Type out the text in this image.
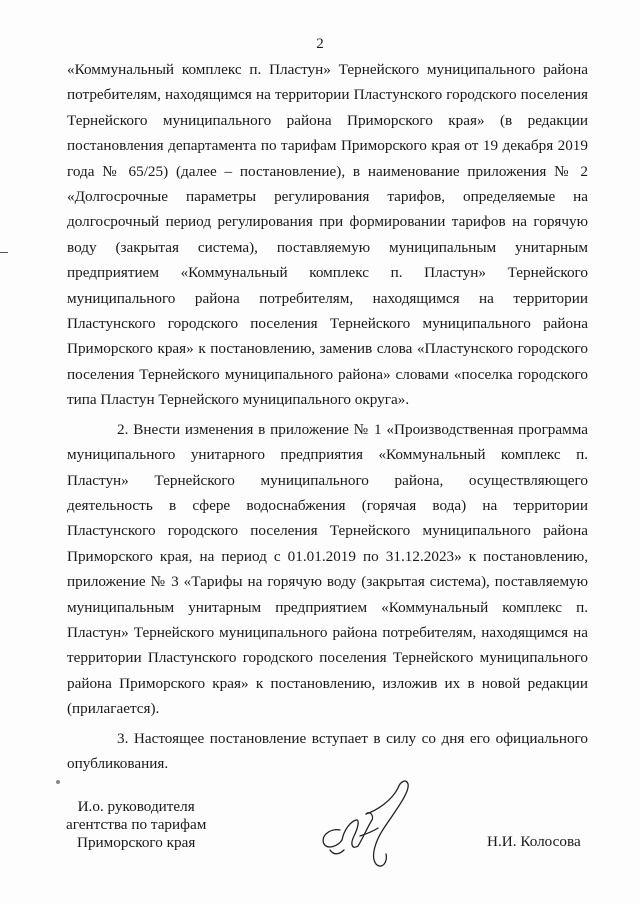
2

«Коммунальный комплекс п. Пластун» Тернейского муниципального района потребителям, находящимся на территории Пластунского городского поселения Тернейского муниципального района Приморского края» (в редакции постановления департамента по тарифам Приморского края от 19 декабря 2019 года № 65/25) (далее – постановление), в наименование приложения № 2 «Долгосрочные параметры регулирования тарифов, определяемые на долгосрочный период регулирования при формировании тарифов на горячую воду (закрытая система), поставляемую муниципальным унитарным предприятием «Коммунальный комплекс п. Пластун» Тернейского муниципального района потребителям, находящимся на территории Пластунского городского поселения Тернейского муниципального района Приморского края» к постановлению, заменив слова «Пластунского городского поселения Тернейского муниципального района» словами «поселка городского типа Пластун Тернейского муниципального округа».

2. Внести изменения в приложение № 1 «Производственная программа муниципального унитарного предприятия «Коммунальный комплекс п. Пластун» Тернейского муниципального района, осуществляющего деятельность в сфере водоснабжения (горячая вода) на территории Пластунского городского поселения Тернейского муниципального района Приморского края, на период с 01.01.2019 по 31.12.2023» к постановлению, приложение № 3 «Тарифы на горячую воду (закрытая система), поставляемую муниципальным унитарным предприятием «Коммунальный комплекс п. Пластун» Тернейского муниципального района потребителям, находящимся на территории Пластунского городского поселения Тернейского муниципального района Приморского края» к постановлению, изложив их в новой редакции (прилагается).

3. Настоящее постановление вступает в силу со дня его официального опубликования.

И.о. руководителя
агентства по тарифам
Приморского края	Н.И. Колосова
